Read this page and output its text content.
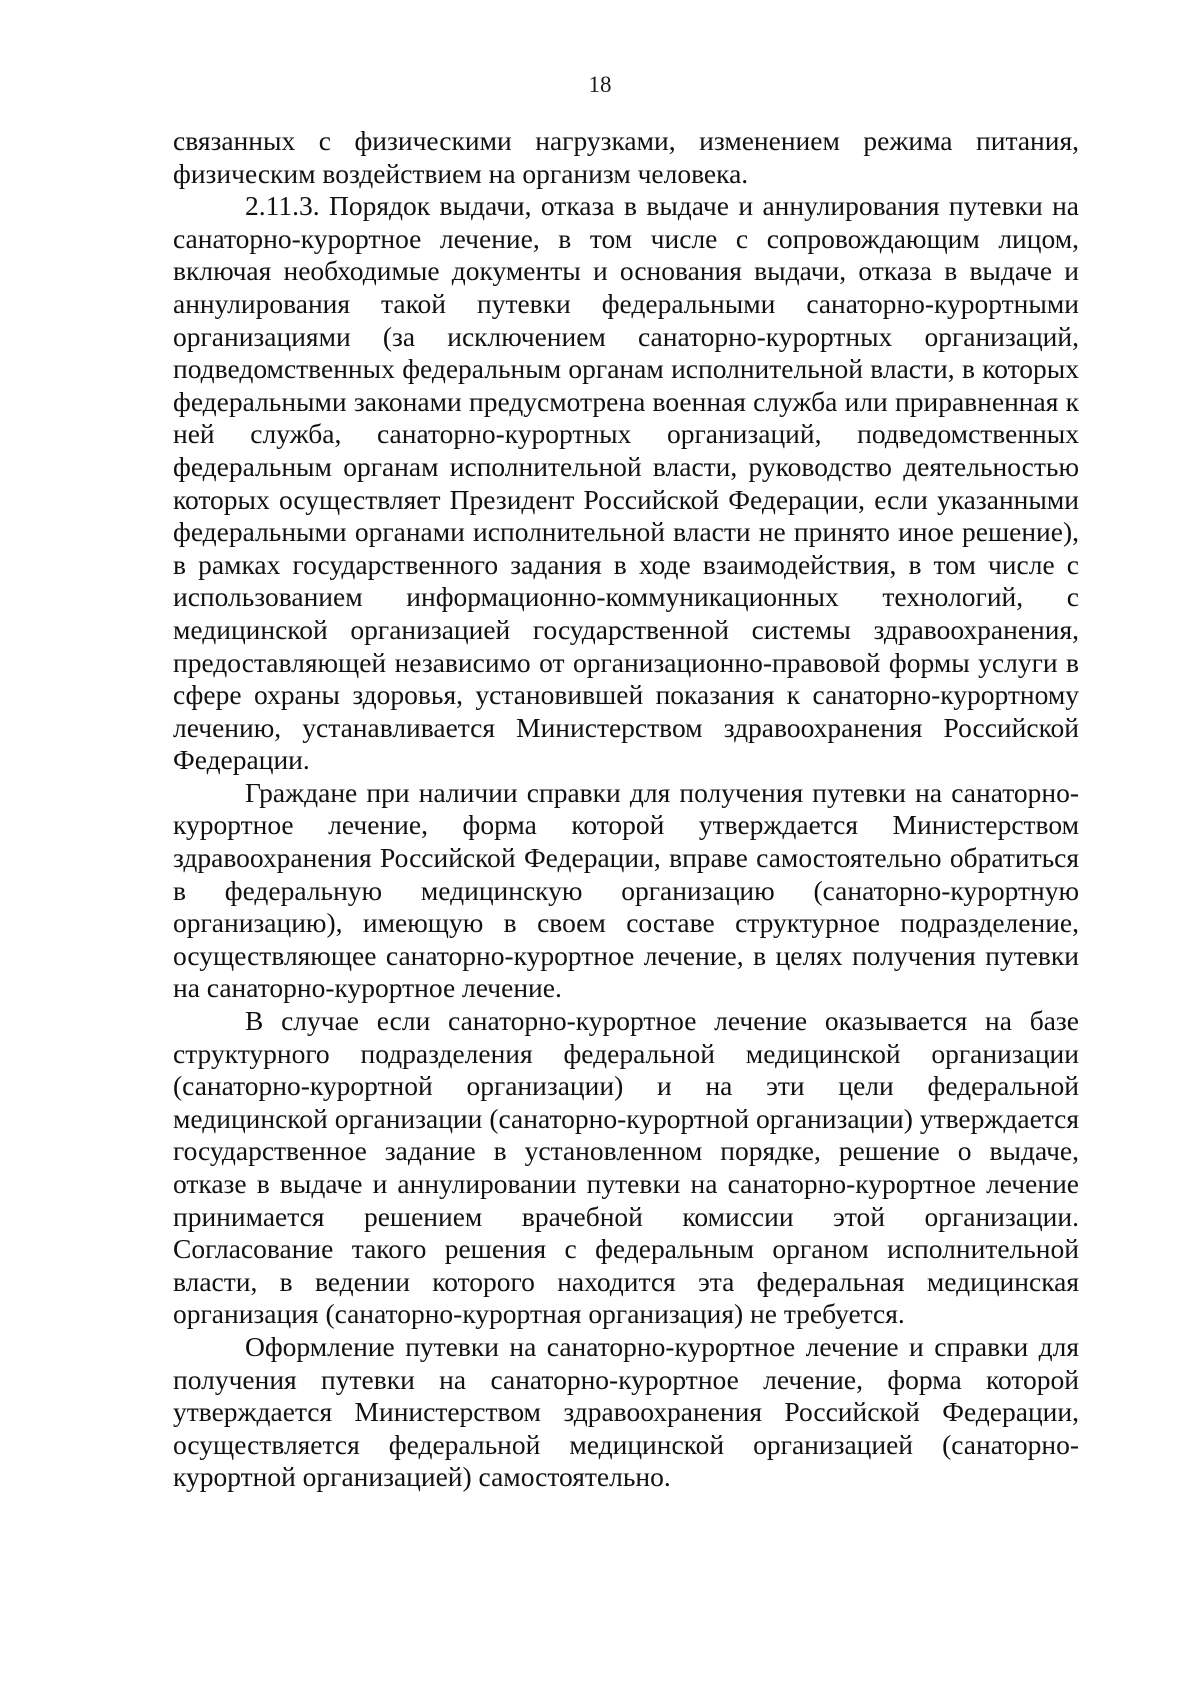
18

связанных с физическими нагрузками, изменением режима питания, физическим воздействием на организм человека.

2.11.3. Порядок выдачи, отказа в выдаче и аннулирования путевки на санаторно-курортное лечение, в том числе с сопровождающим лицом, включая необходимые документы и основания выдачи, отказа в выдаче и аннулирования такой путевки федеральными санаторно-курортными организациями (за исключением санаторно-курортных организаций, подведомственных федеральным органам исполнительной власти, в которых федеральными законами предусмотрена военная служба или приравненная к ней служба, санаторно-курортных организаций, подведомственных федеральным органам исполнительной власти, руководство деятельностью которых осуществляет Президент Российской Федерации, если указанными федеральными органами исполнительной власти не принято иное решение), в рамках государственного задания в ходе взаимодействия, в том числе с использованием информационно-коммуникационных технологий, с медицинской организацией государственной системы здравоохранения, предоставляющей независимо от организационно-правовой формы услуги в сфере охраны здоровья, установившей показания к санаторно-курортному лечению, устанавливается Министерством здравоохранения Российской Федерации.

Граждане при наличии справки для получения путевки на санаторно-курортное лечение, форма которой утверждается Министерством здравоохранения Российской Федерации, вправе самостоятельно обратиться в федеральную медицинскую организацию (санаторно-курортную организацию), имеющую в своем составе структурное подразделение, осуществляющее санаторно-курортное лечение, в целях получения путевки на санаторно-курортное лечение.

В случае если санаторно-курортное лечение оказывается на базе структурного подразделения федеральной медицинской организации (санаторно-курортной организации) и на эти цели федеральной медицинской организации (санаторно-курортной организации) утверждается государственное задание в установленном порядке, решение о выдаче, отказе в выдаче и аннулировании путевки на санаторно-курортное лечение принимается решением врачебной комиссии этой организации. Согласование такого решения с федеральным органом исполнительной власти, в ведении которого находится эта федеральная медицинская организация (санаторно-курортная организация) не требуется.

Оформление путевки на санаторно-курортное лечение и справки для получения путевки на санаторно-курортное лечение, форма которой утверждается Министерством здравоохранения Российской Федерации, осуществляется федеральной медицинской организацией (санаторно-курортной организацией) самостоятельно.
